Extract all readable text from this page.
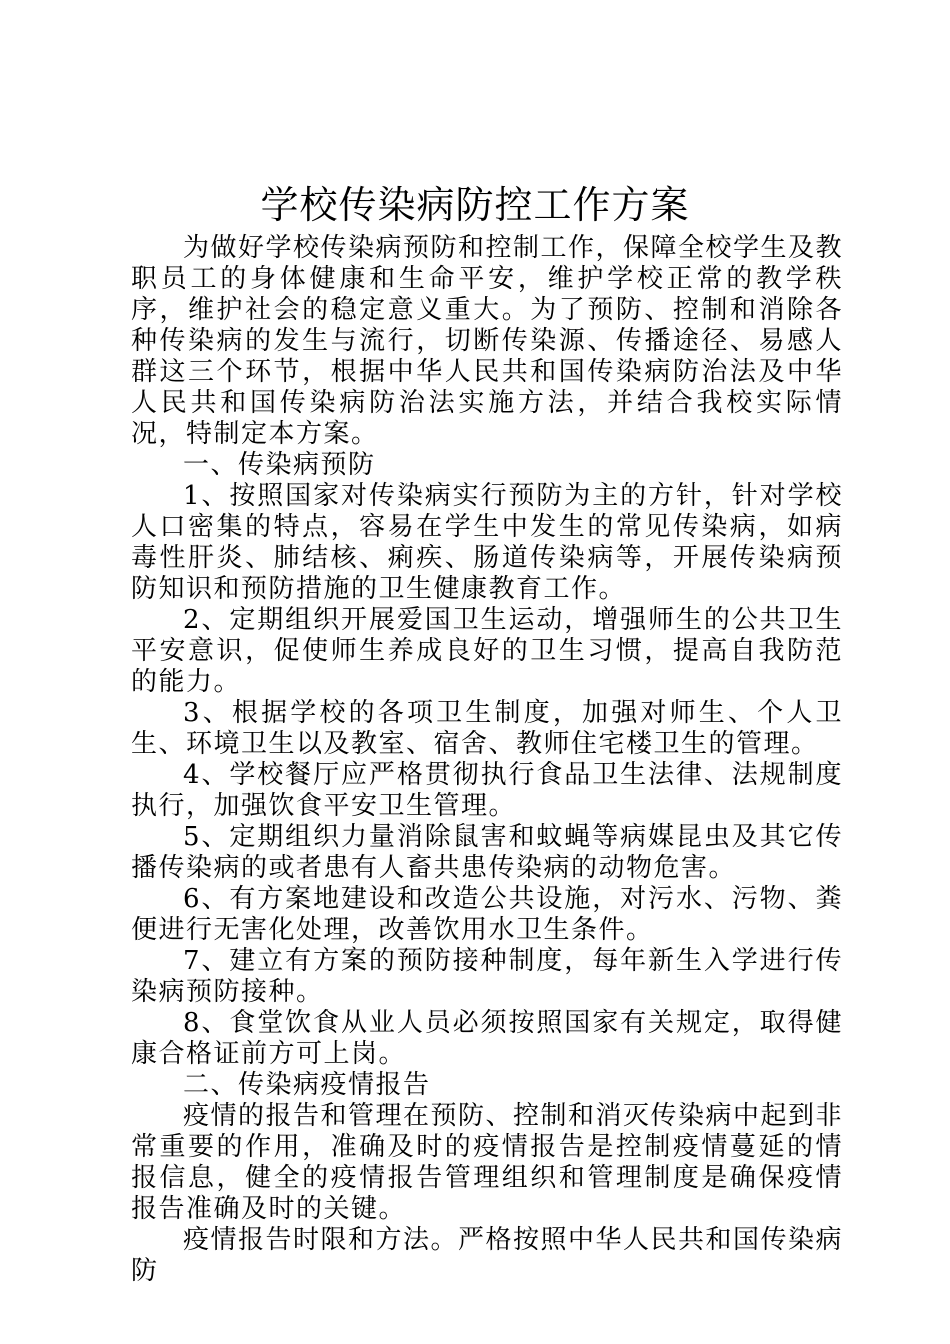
学校传染病防控工作方案

为做好学校传染病预防和控制工作，保障全校学生及教职员工的身体健康和生命平安，维护学校正常的教学秩序，维护社会的稳定意义重大。为了预防、控制和消除各种传染病的发生与流行，切断传染源、传播途径、易感人群这三个环节，根据中华人民共和国传染病防治法及中华人民共和国传染病防治法实施方法，并结合我校实际情况，特制定本方案。

一、传染病预防

1、按照国家对传染病实行预防为主的方针，针对学校人口密集的特点，容易在学生中发生的常见传染病，如病毒性肝炎、肺结核、痢疾、肠道传染病等，开展传染病预防知识和预防措施的卫生健康教育工作。

2、定期组织开展爱国卫生运动，增强师生的公共卫生平安意识，促使师生养成良好的卫生习惯，提高自我防范的能力。

3、根据学校的各项卫生制度，加强对师生、个人卫生、环境卫生以及教室、宿舍、教师住宅楼卫生的管理。

4、学校餐厅应严格贯彻执行食品卫生法律、法规制度执行，加强饮食平安卫生管理。

5、定期组织力量消除鼠害和蚊蝇等病媒昆虫及其它传播传染病的或者患有人畜共患传染病的动物危害。

6、有方案地建设和改造公共设施，对污水、污物、粪便进行无害化处理，改善饮用水卫生条件。

7、建立有方案的预防接种制度，每年新生入学进行传染病预防接种。

8、食堂饮食从业人员必须按照国家有关规定，取得健康合格证前方可上岗。

二、传染病疫情报告

疫情的报告和管理在预防、控制和消灭传染病中起到非常重要的作用，准确及时的疫情报告是控制疫情蔓延的情报信息，健全的疫情报告管理组织和管理制度是确保疫情报告准确及时的关键。

疫情报告时限和方法。严格按照中华人民共和国传染病防
